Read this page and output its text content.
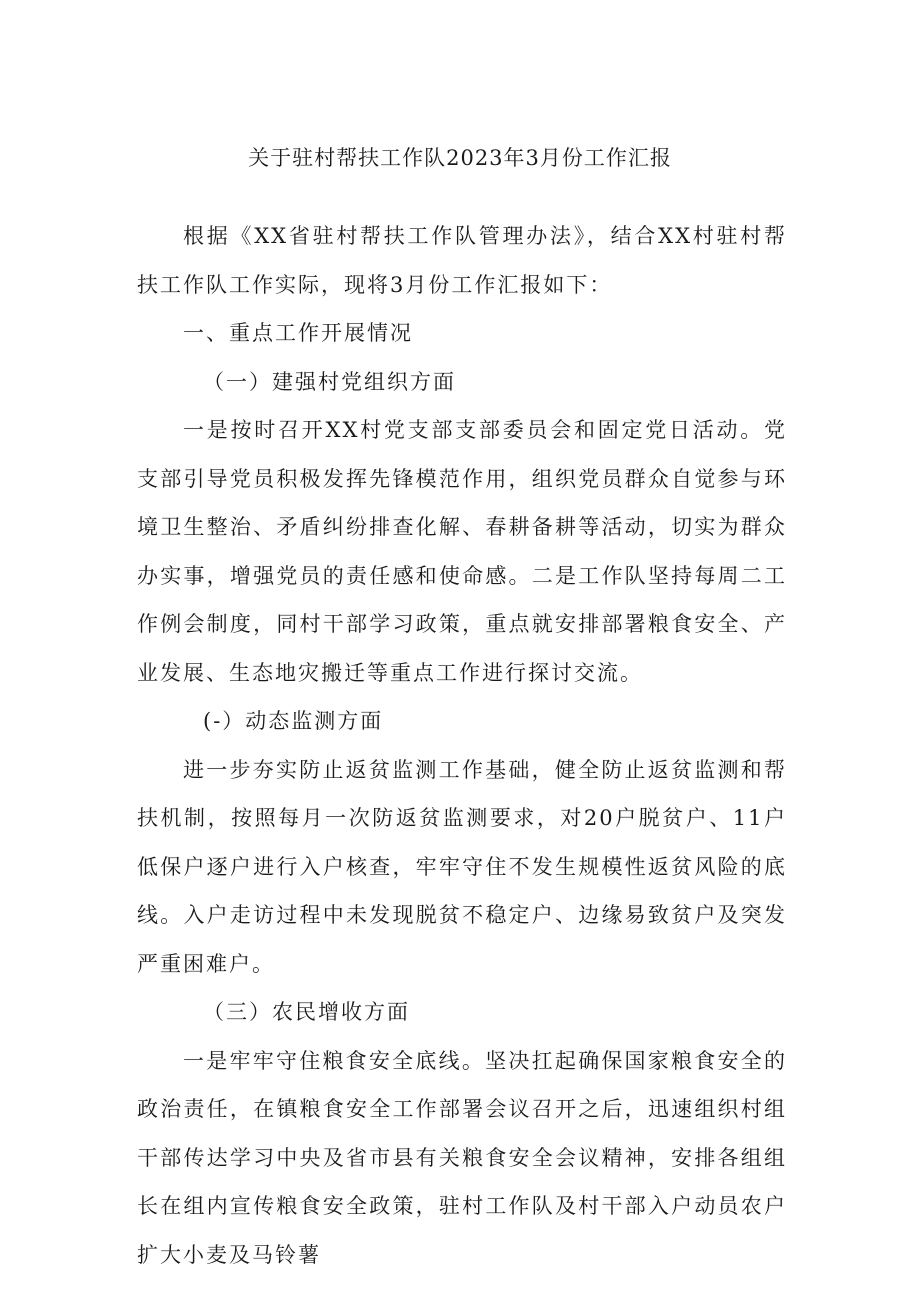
关于驻村帮扶工作队2023年3月份工作汇报

根据《XX省驻村帮扶工作队管理办法》，结合XX村驻村帮扶工作队工作实际，现将3月份工作汇报如下：

一、重点工作开展情况

（一）建强村党组织方面

一是按时召开XX村党支部支部委员会和固定党日活动。党支部引导党员积极发挥先锋模范作用，组织党员群众自觉参与环境卫生整治、矛盾纠纷排查化解、春耕备耕等活动，切实为群众办实事，增强党员的责任感和使命感。二是工作队坚持每周二工作例会制度，同村干部学习政策，重点就安排部署粮食安全、产业发展、生态地灾搬迁等重点工作进行探讨交流。

(-）动态监测方面

进一步夯实防止返贫监测工作基础，健全防止返贫监测和帮扶机制，按照每月一次防返贫监测要求，对20户脱贫户、11户低保户逐户进行入户核查，牢牢守住不发生规模性返贫风险的底线。入户走访过程中未发现脱贫不稳定户、边缘易致贫户及突发严重困难户。

（三）农民增收方面

一是牢牢守住粮食安全底线。坚决扛起确保国家粮食安全的政治责任，在镇粮食安全工作部署会议召开之后，迅速组织村组干部传达学习中央及省市县有关粮食安全会议精神，安排各组组长在组内宣传粮食安全政策，驻村工作队及村干部入户动员农户扩大小麦及马铃薯
